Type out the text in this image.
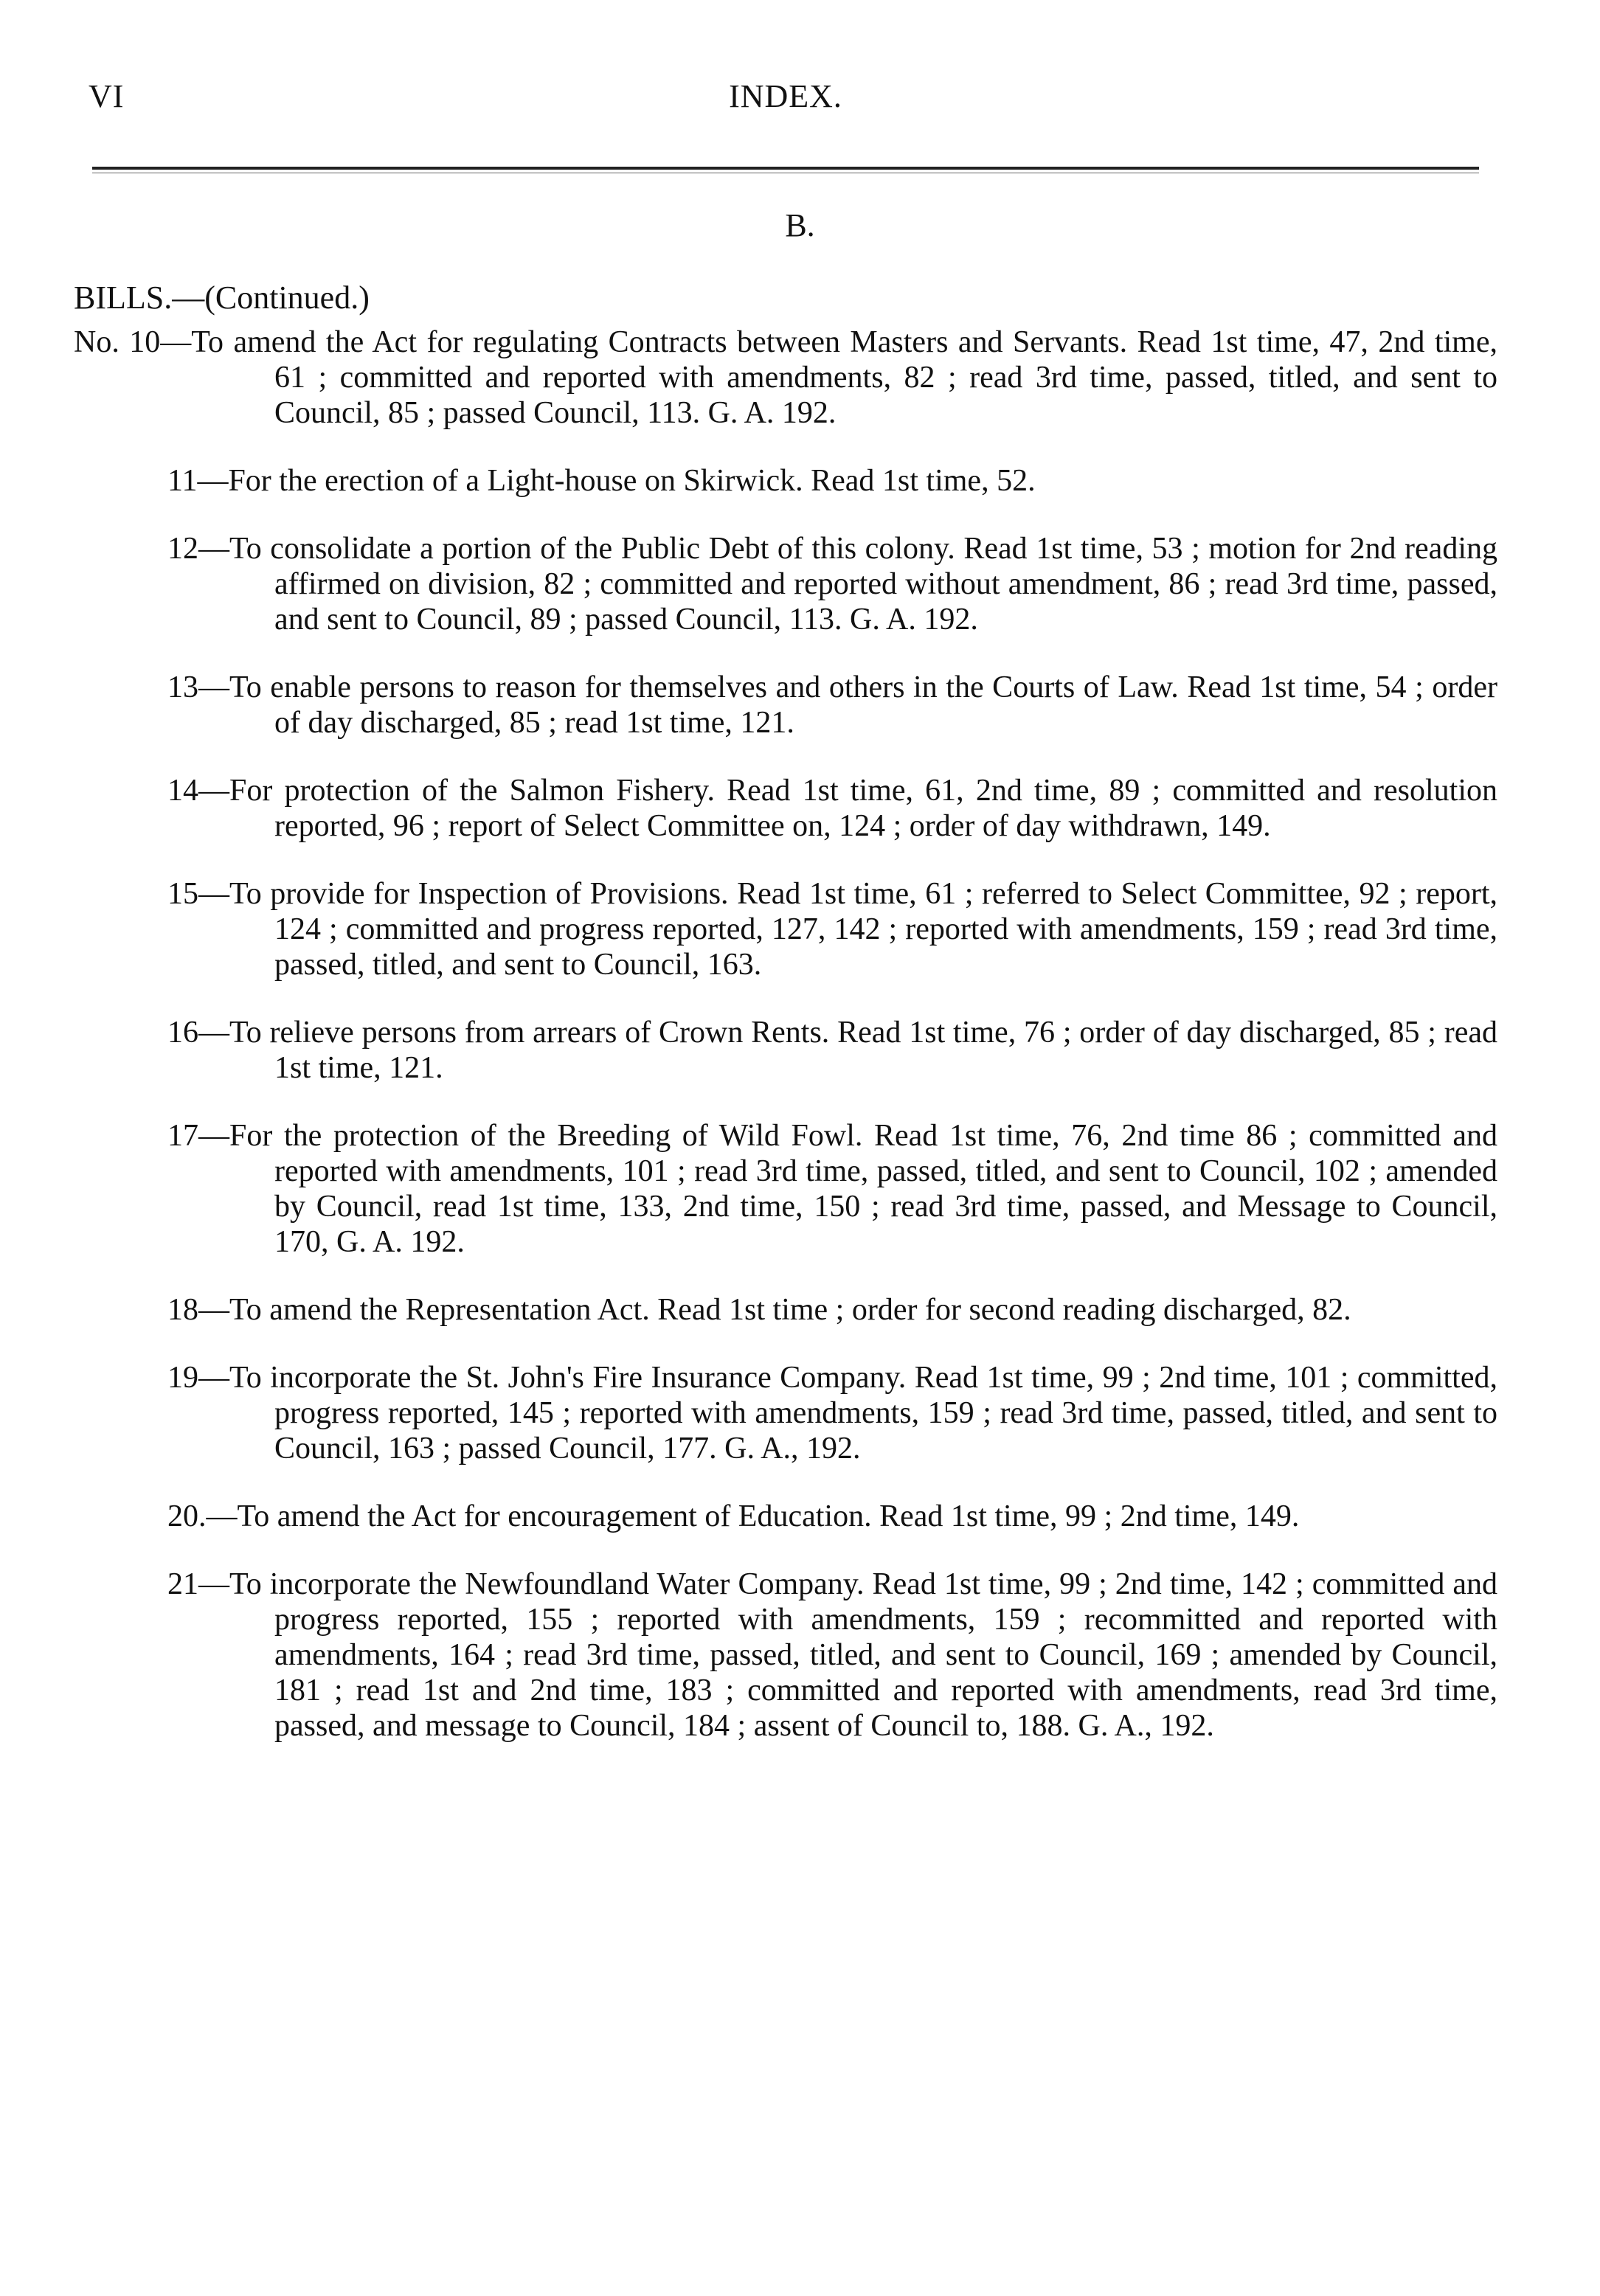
VI	INDEX.
B.
BILLS.—(Continued.)

No. 10—To amend the Act for regulating Contracts between Masters and Servants. Read 1st time, 47, 2nd time, 61 ; committed and reported with amendments, 82 ; read 3rd time, passed, titled, and sent to Council, 85 ; passed Council, 113. G. A. 192.

11—For the erection of a Light-house on Skirwick. Read 1st time, 52.

12—To consolidate a portion of the Public Debt of this colony. Read 1st time, 53 ; motion for 2nd reading affirmed on division, 82 ; committed and reported without amendment, 86 ; read 3rd time, passed, and sent to Council, 89 ; passed Council, 113. G. A. 192.

13—To enable persons to reason for themselves and others in the Courts of Law. Read 1st time, 54 ; order of day discharged, 85 ; read 1st time, 121.

14—For protection of the Salmon Fishery. Read 1st time, 61, 2nd time, 89 ; committed and resolution reported, 96 ; report of Select Committee on, 124 ; order of day withdrawn, 149.

15—To provide for Inspection of Provisions. Read 1st time, 61 ; referred to Select Committee, 92 ; report, 124 ; committed and progress reported, 127, 142 ; reported with amendments, 159 ; read 3rd time, passed, titled, and sent to Council, 163.

16—To relieve persons from arrears of Crown Rents. Read 1st time, 76 ; order of day discharged, 85 ; read 1st time, 121.

17—For the protection of the Breeding of Wild Fowl. Read 1st time, 76, 2nd time 86 ; committed and reported with amendments, 101 ; read 3rd time, passed, titled, and sent to Council, 102 ; amended by Council, read 1st time, 133, 2nd time, 150 ; read 3rd time, passed, and Message to Council, 170, G. A. 192.

18—To amend the Representation Act. Read 1st time ; order for second reading discharged, 82.

19—To incorporate the St. John's Fire Insurance Company. Read 1st time, 99 ; 2nd time, 101 ; committed, progress reported, 145 ; reported with amendments, 159 ; read 3rd time, passed, titled, and sent to Council, 163 ; passed Council, 177. G. A., 192.

20.—To amend the Act for encouragement of Education. Read 1st time, 99 ; 2nd time, 149.

21—To incorporate the Newfoundland Water Company. Read 1st time, 99 ; 2nd time, 142 ; committed and progress reported, 155 ; reported with amendments, 159 ; recommitted and reported with amendments, 164 ; read 3rd time, passed, titled, and sent to Council, 169 ; amended by Council, 181 ; read 1st and 2nd time, 183 ; committed and reported with amendments, read 3rd time, passed, and message to Council, 184 ; assent of Council to, 188. G. A., 192.
